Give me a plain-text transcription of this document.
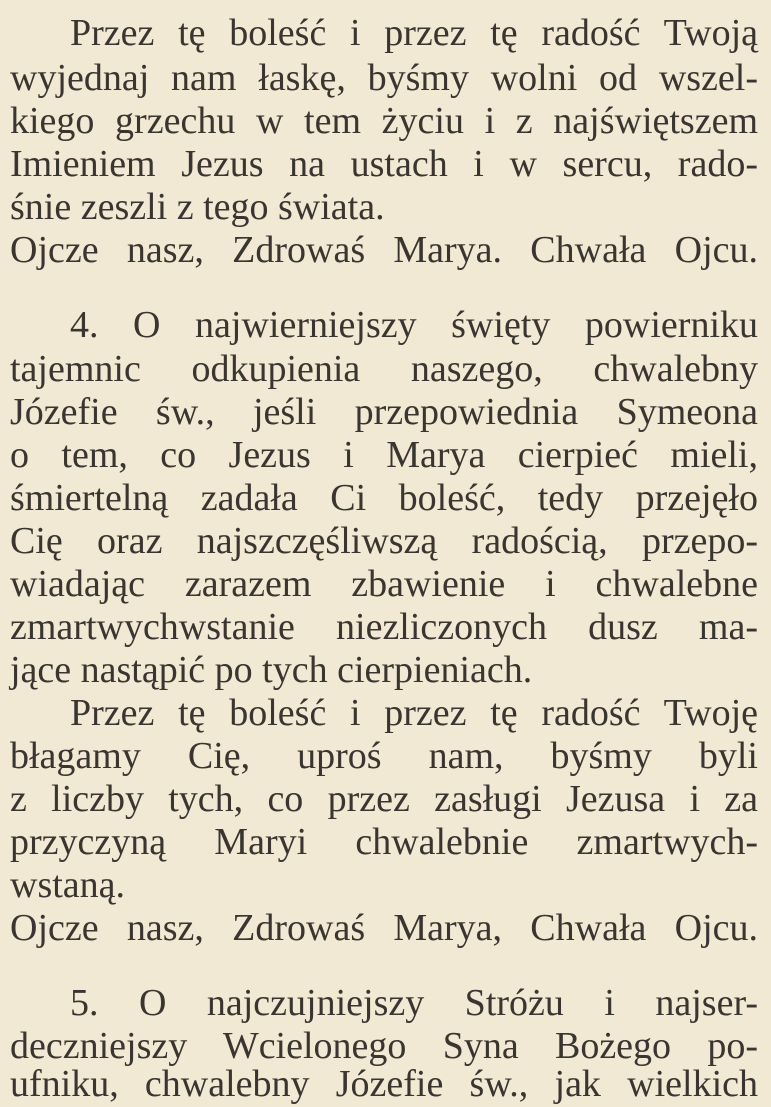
Przez tę boleść i przez tę radość Twoją
wyjednaj nam łaskę, byśmy wolni od wszel-
kiego grzechu w tem życiu i z najświętszem
Imieniem Jezus na ustach i w sercu, rado-
śnie zeszli z tego świata.
Ojcze nasz, Zdrowaś Marya. Chwała Ojcu.
4. O najwierniejszy święty powierniku
tajemnic odkupienia naszego, chwalebny
Józefie św., jeśli przepowiednia Symeona
o tem, co Jezus i Marya cierpieć mieli,
śmiertelną zadała Ci boleść, tedy przejęło
Cię oraz najszczęśliwszą radością, przepo-
wiadając zarazem zbawienie i chwalebne
zmartwychwstanie niezliczonych dusz ma-
jące nastąpić po tych cierpieniach.
Przez tę boleść i przez tę radość Twoję
błagamy Cię, uproś nam, byśmy byli
z liczby tych, co przez zasługi Jezusa i za
przyczyną Maryi chwalebnie zmartwych-
wstaną.
Ojcze nasz, Zdrowaś Marya, Chwała Ojcu.
5. O najczujniejszy Stróżu i najser-
deczniejszy Wcielonego Syna Bożego po-
ufniku, chwalebny Józefie św., jak wielkich
